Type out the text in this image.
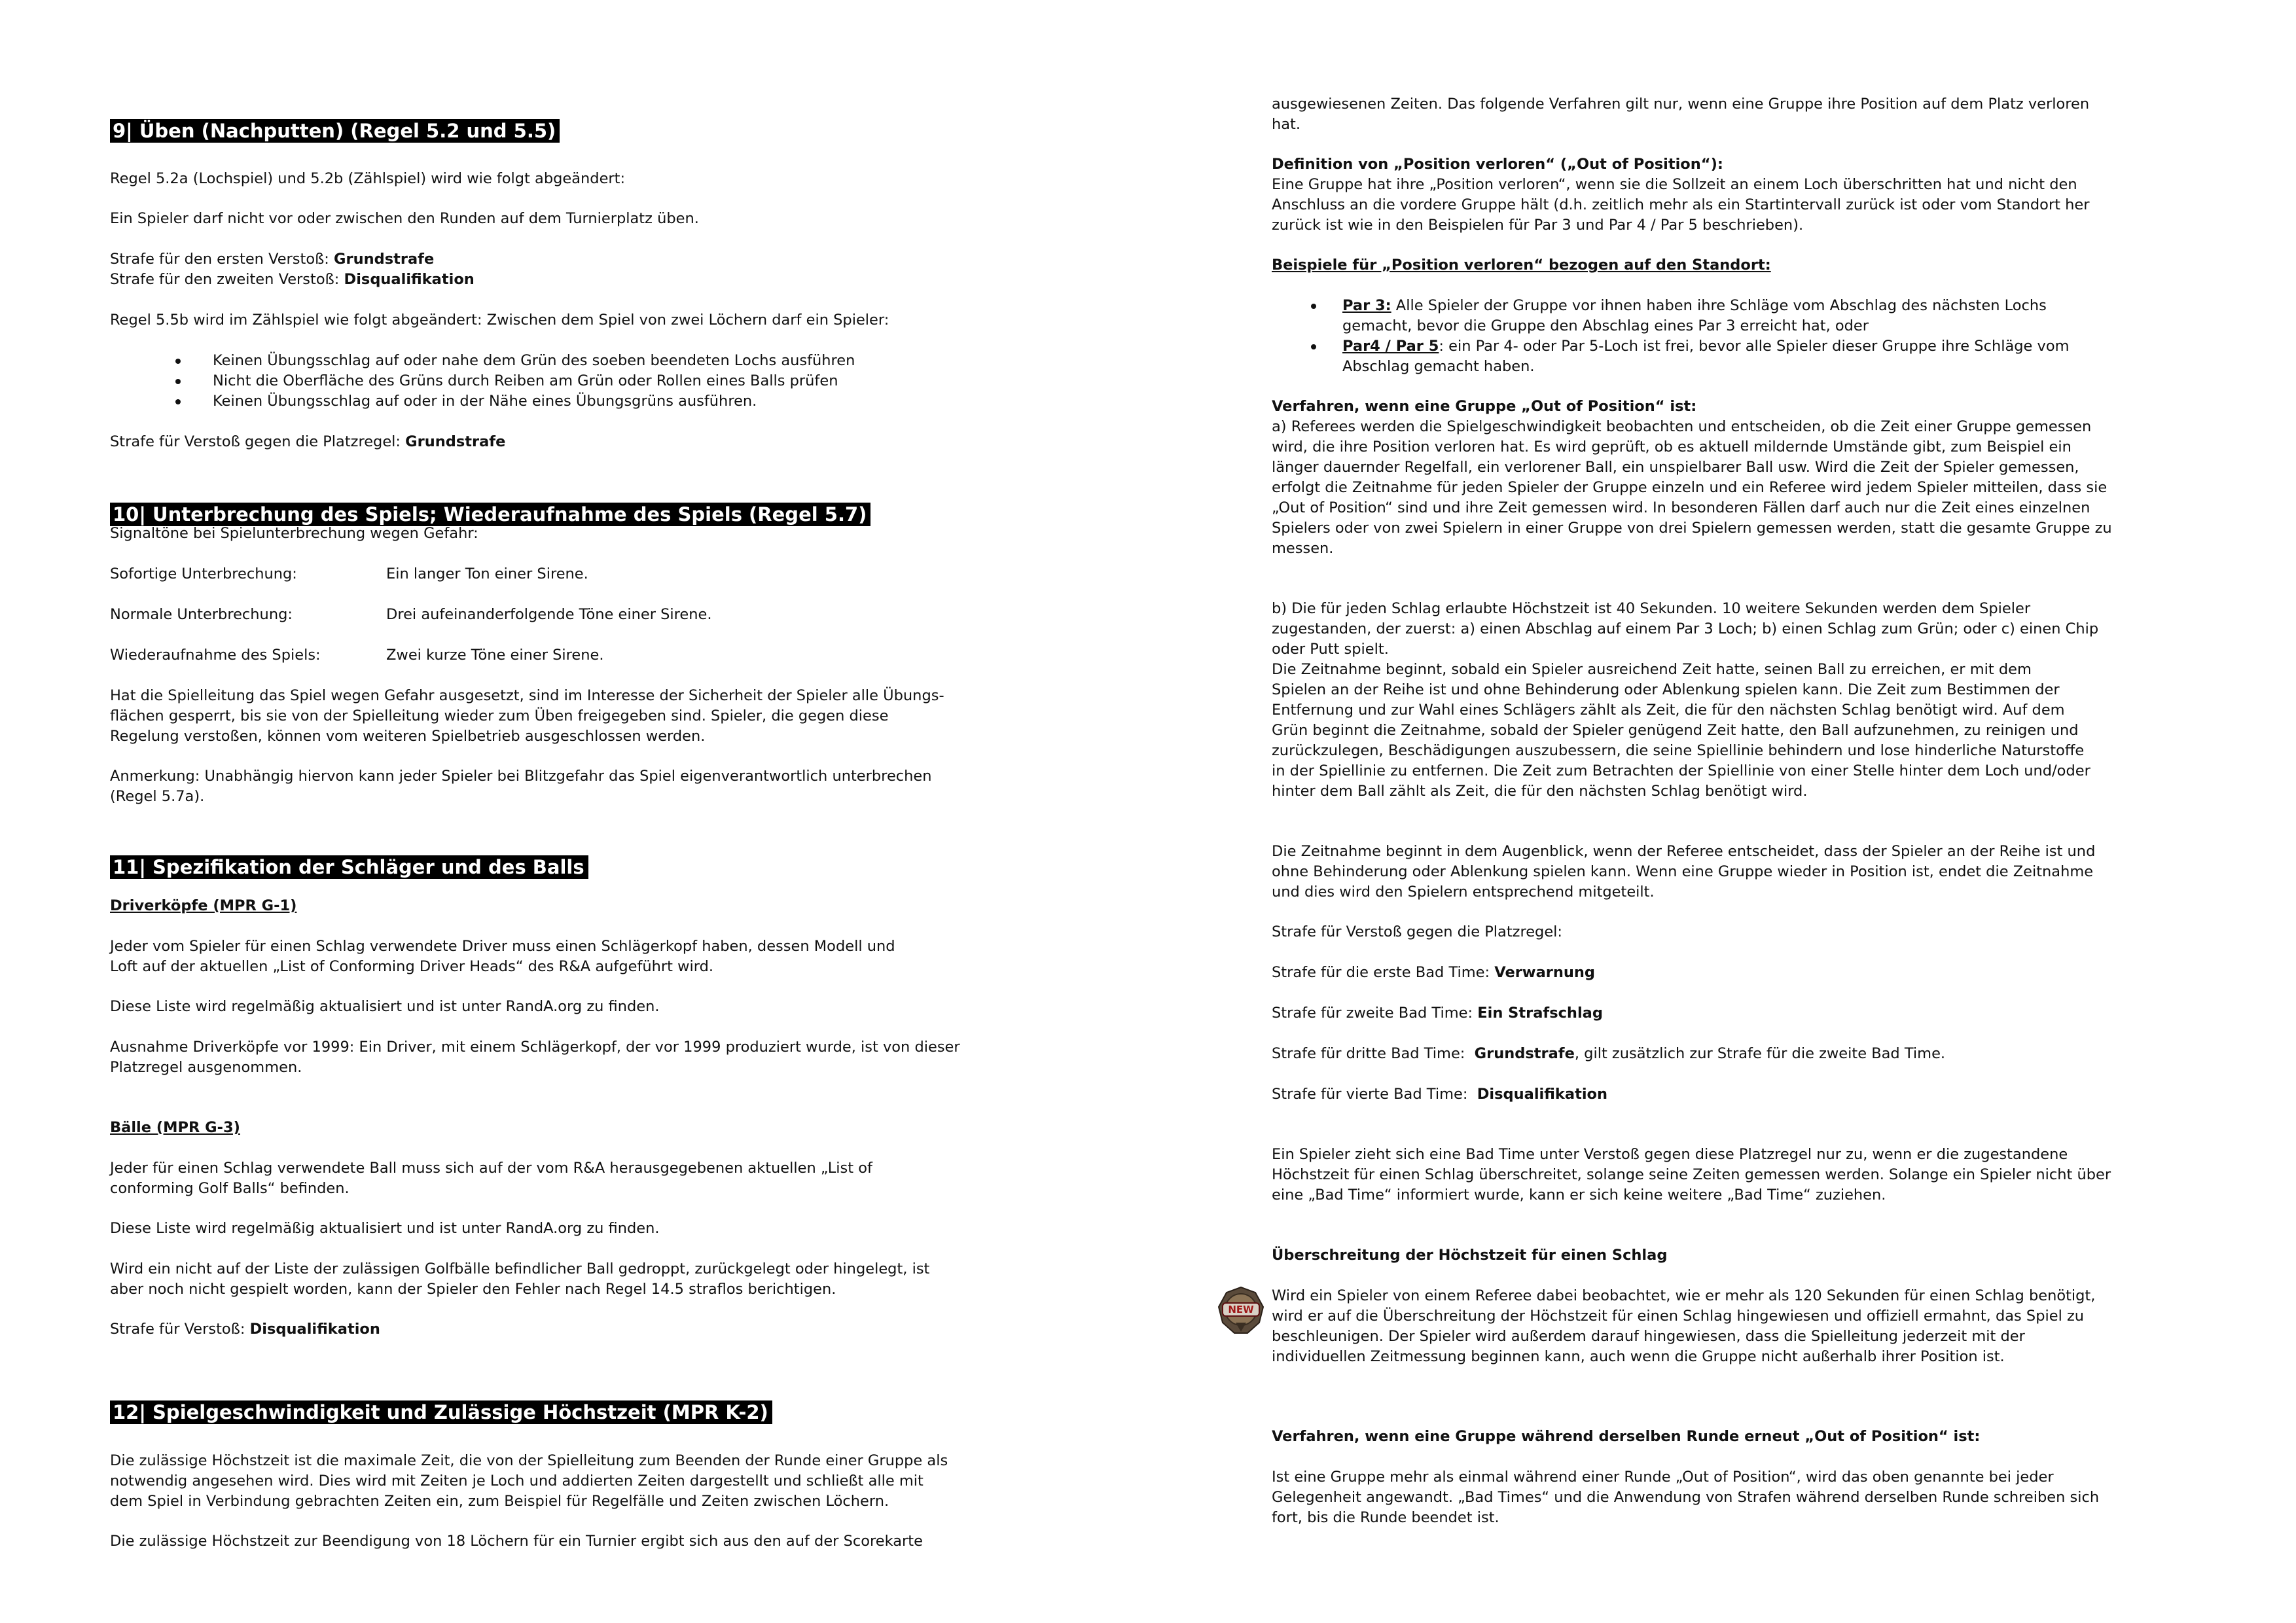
9| Üben (Nachputten) (Regel 5.2 und 5.5)

Regel 5.2a (Lochspiel) und 5.2b (Zählspiel) wird wie folgt abgeändert:

Ein Spieler darf nicht vor oder zwischen den Runden auf dem Turnierplatz üben.

Strafe für den ersten Verstoß: Grundstrafe

Strafe für den zweiten Verstoß: Disqualifikation

Regel 5.5b wird im Zählspiel wie folgt abgeändert: Zwischen dem Spiel von zwei Löchern darf ein Spieler:

Keinen Übungsschlag auf oder nahe dem Grün des soeben beendeten Lochs ausführen
Nicht die Oberfläche des Grüns durch Reiben am Grün oder Rollen eines Balls prüfen
Keinen Übungsschlag auf oder in der Nähe eines Übungsgrüns ausführen.

Strafe für Verstoß gegen die Platzregel: Grundstrafe

10| Unterbrechung des Spiels; Wiederaufnahme des Spiels (Regel 5.7)

Signaltöne bei Spielunterbrechung wegen Gefahr:

Sofortige Unterbrechung:	Ein langer Ton einer Sirene.
Normale Unterbrechung:	Drei aufeinanderfolgende Töne einer Sirene.
Wiederaufnahme des Spiels:	Zwei kurze Töne einer Sirene.
Hat die Spielleitung das Spiel wegen Gefahr ausgesetzt, sind im Interesse der Sicherheit der Spieler alle Übungs-
flächen gesperrt, bis sie von der Spielleitung wieder zum Üben freigegeben sind. Spieler, die gegen diese
Regelung verstoßen, können vom weiteren Spielbetrieb ausgeschlossen werden.
Anmerkung: Unabhängig hiervon kann jeder Spieler bei Blitzgefahr das Spiel eigenverantwortlich unterbrechen
(Regel 5.7a).
11| Spezifikation der Schläger und des Balls

Driverköpfe (MPR G-1)

Jeder vom Spieler für einen Schlag verwendete Driver muss einen Schlägerkopf haben, dessen Modell und
Loft auf der aktuellen „List of Conforming Driver Heads“ des R&A aufgeführt wird.

Diese Liste wird regelmäßig aktualisiert und ist unter RandA.org zu finden.

Ausnahme Driverköpfe vor 1999: Ein Driver, mit einem Schlägerkopf, der vor 1999 produziert wurde, ist von dieser
Platzregel ausgenommen.

Bälle (MPR G-3)

Jeder für einen Schlag verwendete Ball muss sich auf der vom R&A herausgegebenen aktuellen „List of
conforming Golf Balls“ befinden.

Diese Liste wird regelmäßig aktualisiert und ist unter RandA.org zu finden.

Wird ein nicht auf der Liste der zulässigen Golfbälle befindlicher Ball gedroppt, zurückgelegt oder hingelegt, ist
aber noch nicht gespielt worden, kann der Spieler den Fehler nach Regel 14.5 straflos berichtigen.

Strafe für Verstoß: Disqualifikation

12| Spielgeschwindigkeit und Zulässige Höchstzeit (MPR K-2)
Die zulässige Höchstzeit ist die maximale Zeit, die von der Spielleitung zum Beenden der Runde einer Gruppe als
notwendig angesehen wird. Dies wird mit Zeiten je Loch und addierten Zeiten dargestellt und schließt alle mit
dem Spiel in Verbindung gebrachten Zeiten ein, zum Beispiel für Regelfälle und Zeiten zwischen Löchern.

Die zulässige Höchstzeit zur Beendigung von 18 Löchern für ein Turnier ergibt sich aus den auf der Scorekarte

ausgewiesenen Zeiten. Das folgende Verfahren gilt nur, wenn eine Gruppe ihre Position auf dem Platz verloren
hat.

Definition von „Position verloren“ („Out of Position“):

Eine Gruppe hat ihre „Position verloren“, wenn sie die Sollzeit an einem Loch überschritten hat und nicht den
Anschluss an die vordere Gruppe hält (d.h. zeitlich mehr als ein Startintervall zurück ist oder vom Standort her
zurück ist wie in den Beispielen für Par 3 und Par 4 / Par 5 beschrieben).

Beispiele für „Position verloren“ bezogen auf den Standort:

Par 3: Alle Spieler der Gruppe vor ihnen haben ihre Schläge vom Abschlag des nächsten Lochs
gemacht, bevor die Gruppe den Abschlag eines Par 3 erreicht hat, oder
Par4 / Par 5: ein Par 4- oder Par 5-Loch ist frei, bevor alle Spieler dieser Gruppe ihre Schläge vom
Abschlag gemacht haben.

Verfahren, wenn eine Gruppe „Out of Position“ ist:

a) Referees werden die Spielgeschwindigkeit beobachten und entscheiden, ob die Zeit einer Gruppe gemessen
wird, die ihre Position verloren hat. Es wird geprüft, ob es aktuell mildernde Umstände gibt, zum Beispiel ein
länger dauernder Regelfall, ein verlorener Ball, ein unspielbarer Ball usw. Wird die Zeit der Spieler gemessen,
erfolgt die Zeitnahme für jeden Spieler der Gruppe einzeln und ein Referee wird jedem Spieler mitteilen, dass sie
„Out of Position“ sind und ihre Zeit gemessen wird. In besonderen Fällen darf auch nur die Zeit eines einzelnen
Spielers oder von zwei Spielern in einer Gruppe von drei Spielern gemessen werden, statt die gesamte Gruppe zu
messen.
b) Die für jeden Schlag erlaubte Höchstzeit ist 40 Sekunden. 10 weitere Sekunden werden dem Spieler
zugestanden, der zuerst: a) einen Abschlag auf einem Par 3 Loch; b) einen Schlag zum Grün; oder c) einen Chip
oder Putt spielt.
Die Zeitnahme beginnt, sobald ein Spieler ausreichend Zeit hatte, seinen Ball zu erreichen, er mit dem
Spielen an der Reihe ist und ohne Behinderung oder Ablenkung spielen kann. Die Zeit zum Bestimmen der
Entfernung und zur Wahl eines Schlägers zählt als Zeit, die für den nächsten Schlag benötigt wird. Auf dem
Grün beginnt die Zeitnahme, sobald der Spieler genügend Zeit hatte, den Ball aufzunehmen, zu reinigen und
zurückzulegen, Beschädigungen auszubessern, die seine Spiellinie behindern und lose hinderliche Naturstoffe
in der Spiellinie zu entfernen. Die Zeit zum Betrachten der Spiellinie von einer Stelle hinter dem Loch und/oder
hinter dem Ball zählt als Zeit, die für den nächsten Schlag benötigt wird.
Die Zeitnahme beginnt in dem Augenblick, wenn der Referee entscheidet, dass der Spieler an der Reihe ist und
ohne Behinderung oder Ablenkung spielen kann. Wenn eine Gruppe wieder in Position ist, endet die Zeitnahme
und dies wird den Spielern entsprechend mitgeteilt.

Strafe für Verstoß gegen die Platzregel:

Strafe für die erste Bad Time: Verwarnung

Strafe für zweite Bad Time: Ein Strafschlag

Strafe für dritte Bad Time:  Grundstrafe, gilt zusätzlich zur Strafe für die zweite Bad Time.

Strafe für vierte Bad Time:  Disqualifikation

Ein Spieler zieht sich eine Bad Time unter Verstoß gegen diese Platzregel nur zu, wenn er die zugestandene
Höchstzeit für einen Schlag überschreitet, solange seine Zeiten gemessen werden. Solange ein Spieler nicht über
eine „Bad Time“ informiert wurde, kann er sich keine weitere „Bad Time“ zuziehen.

Überschreitung der Höchstzeit für einen Schlag

Wird ein Spieler von einem Referee dabei beobachtet, wie er mehr als 120 Sekunden für einen Schlag benötigt,
wird er auf die Überschreitung der Höchstzeit für einen Schlag hingewiesen und offiziell ermahnt, das Spiel zu
beschleunigen. Der Spieler wird außerdem darauf hingewiesen, dass die Spielleitung jederzeit mit der
individuellen Zeitmessung beginnen kann, auch wenn die Gruppe nicht außerhalb ihrer Position ist.

Verfahren, wenn eine Gruppe während derselben Runde erneut „Out of Position“ ist:

Ist eine Gruppe mehr als einmal während einer Runde „Out of Position“, wird das oben genannte bei jeder
Gelegenheit angewandt. „Bad Times“ und die Anwendung von Strafen während derselben Runde schreiben sich
fort, bis die Runde beendet ist.
NEW
